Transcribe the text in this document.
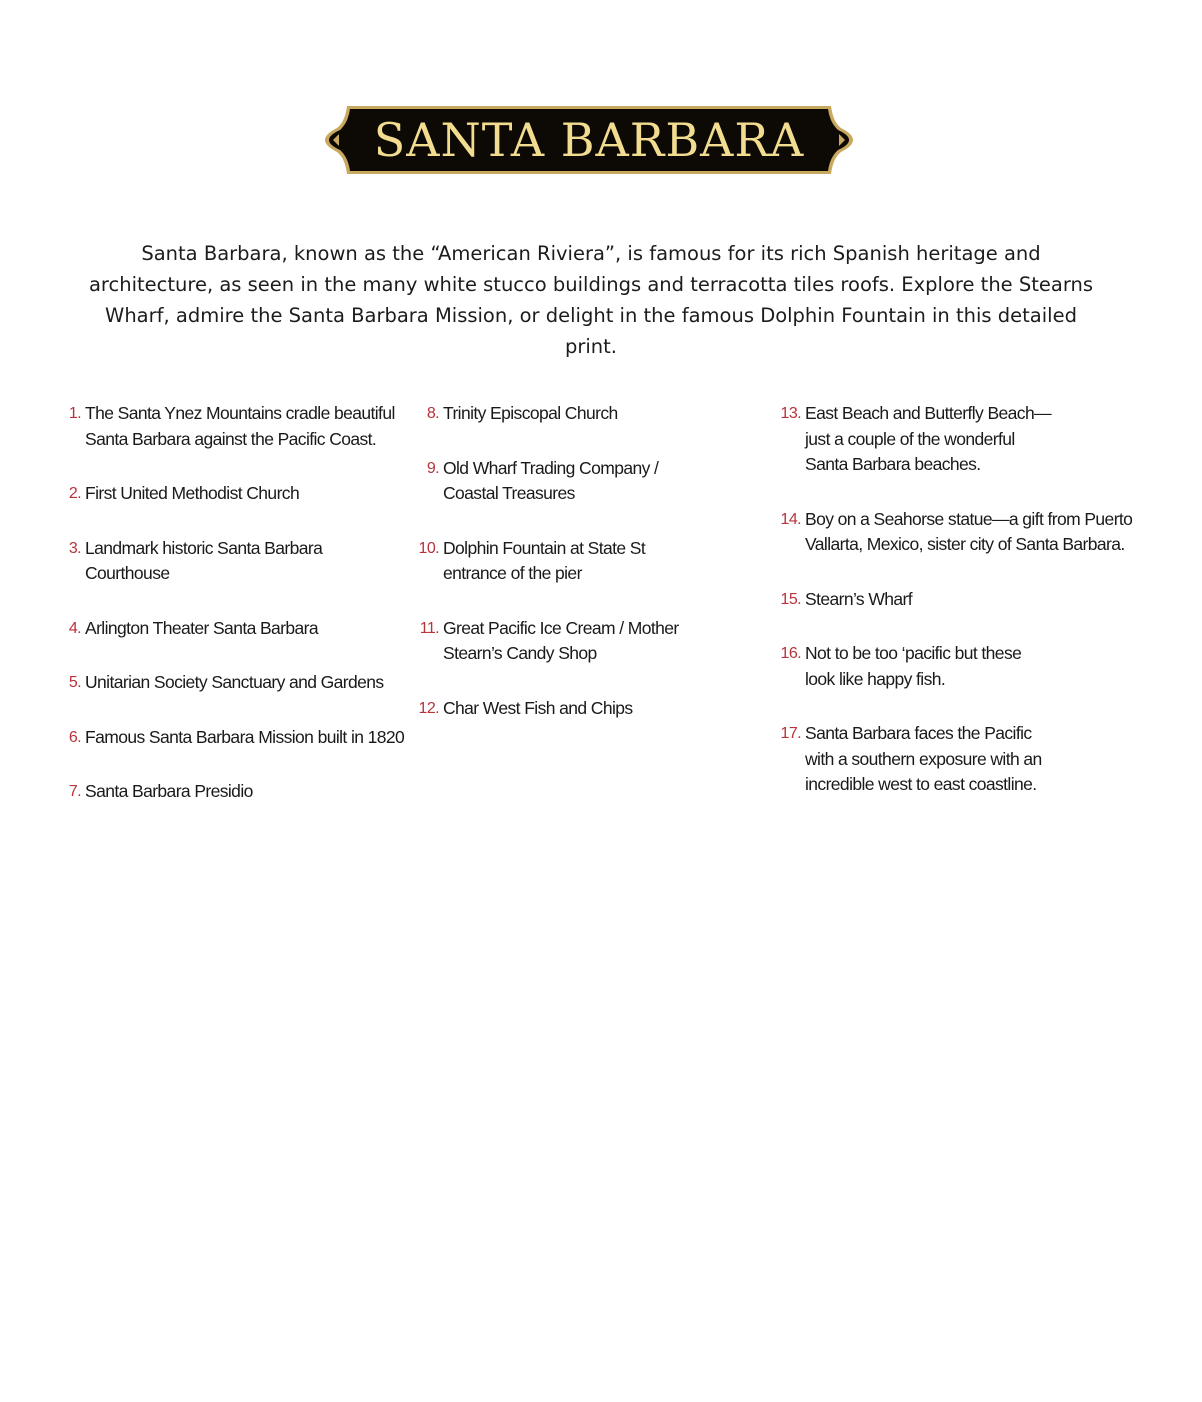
SANTA BARBARA

Santa Barbara, known as the “American Riviera”, is famous for its rich Spanish heritage and architecture, as seen in the many white stucco buildings and terracotta tiles roofs. Explore the Stearns Wharf, admire the Santa Barbara Mission, or delight in the famous Dolphin Fountain in this detailed print.

1. The Santa Ynez Mountains cradle beautiful
Santa Barbara against the Pacific Coast.
2. First United Methodist Church
3. Landmark historic Santa Barbara Courthouse
4. Arlington Theater Santa Barbara
5. Unitarian Society Sanctuary and Gardens
6. Famous Santa Barbara Mission built in 1820
7. Santa Barbara Presidio
8. Trinity Episcopal Church
9. Old Wharf Trading Company /
Coastal Treasures
10. Dolphin Fountain at State St
entrance of the pier
11. Great Pacific Ice Cream / Mother
Stearn’s Candy Shop
12. Char West Fish and Chips
13. East Beach and Butterfly Beach—
just a couple of the wonderful
Santa Barbara beaches.
14. Boy on a Seahorse statue—a gift from Puerto
Vallarta, Mexico, sister city of Santa Barbara.
15. Stearn’s Wharf
16. Not to be too ‘pacific but these
look like happy fish.
17. Santa Barbara faces the Pacific
with a southern exposure with an
incredible west to east coastline.
